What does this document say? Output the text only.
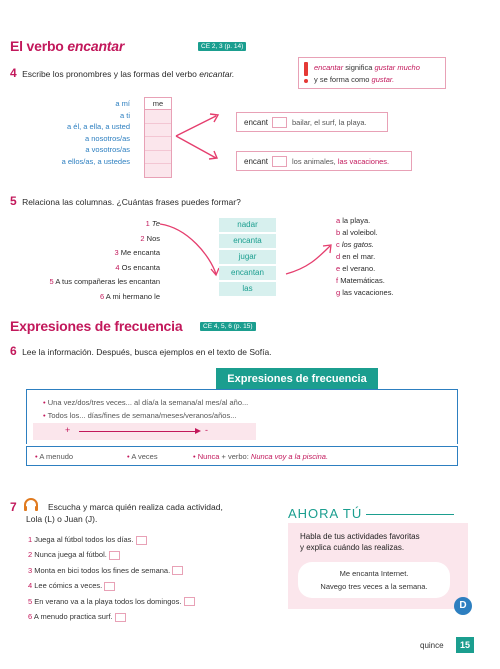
El verbo encantar	CE 2, 3 (p. 14)
4 Escribe los pronombres y las formas del verbo encantar.
encantar significa gustar mucho
y se forma como gustar.
a mí
a ti
a él, a ella, a usted
a nosotros/as
a vosotros/as
a ellos/as, a ustedes
me
encant	bailar, el surf, la playa.
encant	los animales, las vacaciones.
5 Relaciona las columnas. ¿Cuántas frases puedes formar?
1 Te
2 Nos
3 Me encanta
4 Os encanta
5 A tus compañeras les encantan
6 A mi hermano le
nadar
encanta
jugar
encantan
las
a la playa.
b al voleibol.
c los gatos.
d en el mar.
e el verano.
f Matemáticas.
g las vacaciones.
Expresiones de frecuencia	CE 4, 5, 6 (p. 15)
6 Lee la información. Después, busca ejemplos en el texto de Sofía.
Expresiones de frecuencia
• Una vez/dos/tres veces... al día/a la semana/al mes/al año...
• Todos los... días/fines de semana/meses/veranos/años...
+	-
• A menudo	• A veces	• Nunca + verbo: Nunca voy a la piscina.
7	Escucha y marca quién realiza cada actividad,
Lola (L) o Juan (J).
1 Juega al fútbol todos los días.
2 Nunca juega al fútbol.
3 Monta en bici todos los fines de semana.
4 Lee cómics a veces.
5 En verano va a la playa todos los domingos.
6 A menudo practica surf.
AHORA TÚ
Habla de tus actividades favoritas
y explica cuándo las realizas.
Me encanta Internet.
Navego tres veces a la semana.
D
quince	15
